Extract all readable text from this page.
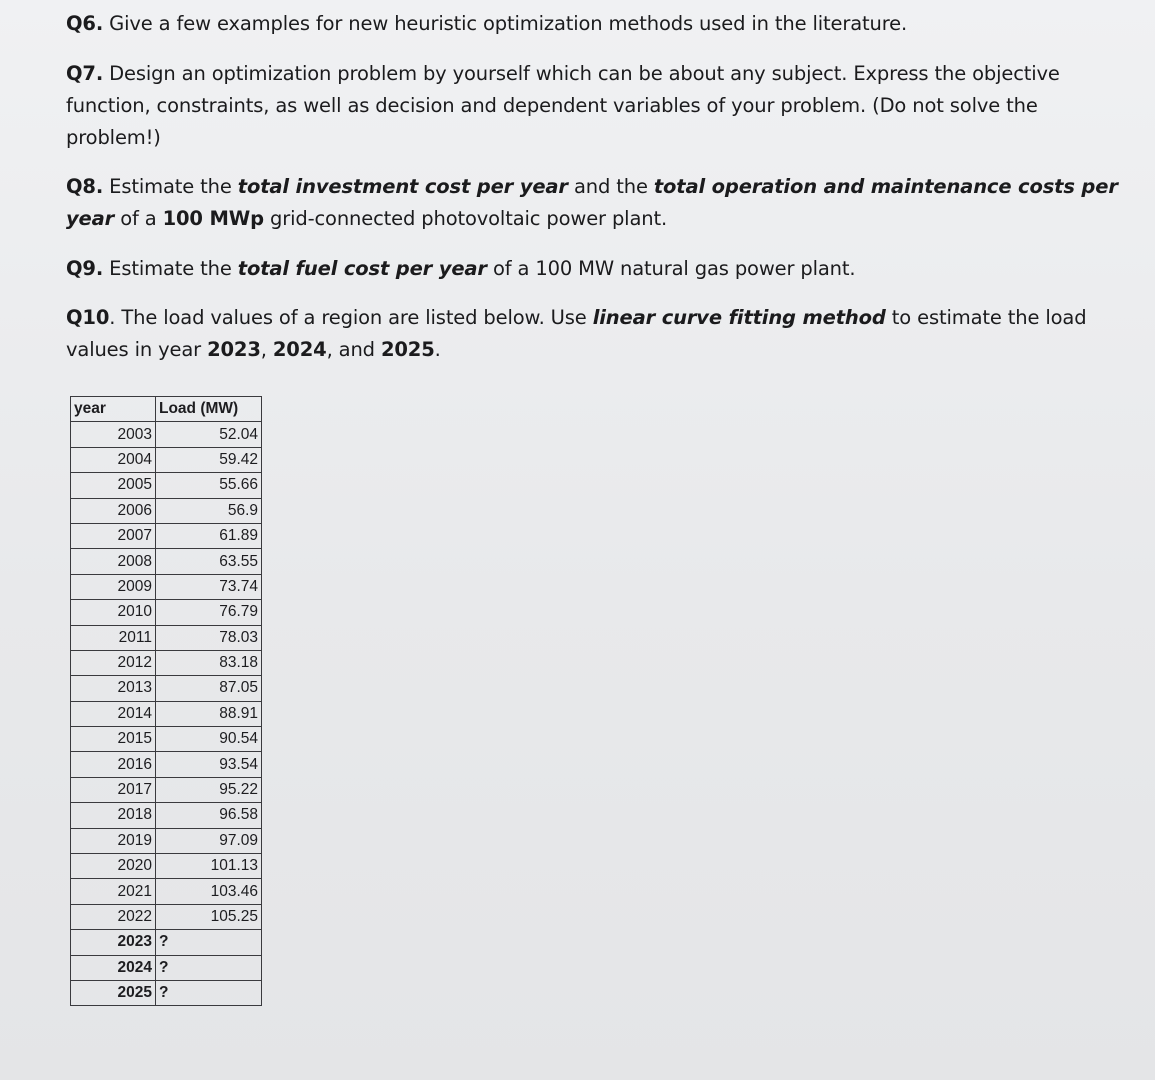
Q6. Give a few examples for new heuristic optimization methods used in the literature.

Q7. Design an optimization problem by yourself which can be about any subject. Express the objective
function, constraints, as well as decision and dependent variables of your problem. (Do not solve the
problem!)

Q8. Estimate the total investment cost per year and the total operation and maintenance costs per
year of a 100 MWp grid-connected photovoltaic power plant.

Q9. Estimate the total fuel cost per year of a 100 MW natural gas power plant.

Q10. The load values of a region are listed below. Use linear curve fitting method to estimate the load
values in year 2023, 2024, and 2025.

year	Load (MW)
2003	52.04
2004	59.42
2005	55.66
2006	56.9
2007	61.89
2008	63.55
2009	73.74
2010	76.79
2011	78.03
2012	83.18
2013	87.05
2014	88.91
2015	90.54
2016	93.54
2017	95.22
2018	96.58
2019	97.09
2020	101.13
2021	103.46
2022	105.25
2023	?
2024	?
2025	?
